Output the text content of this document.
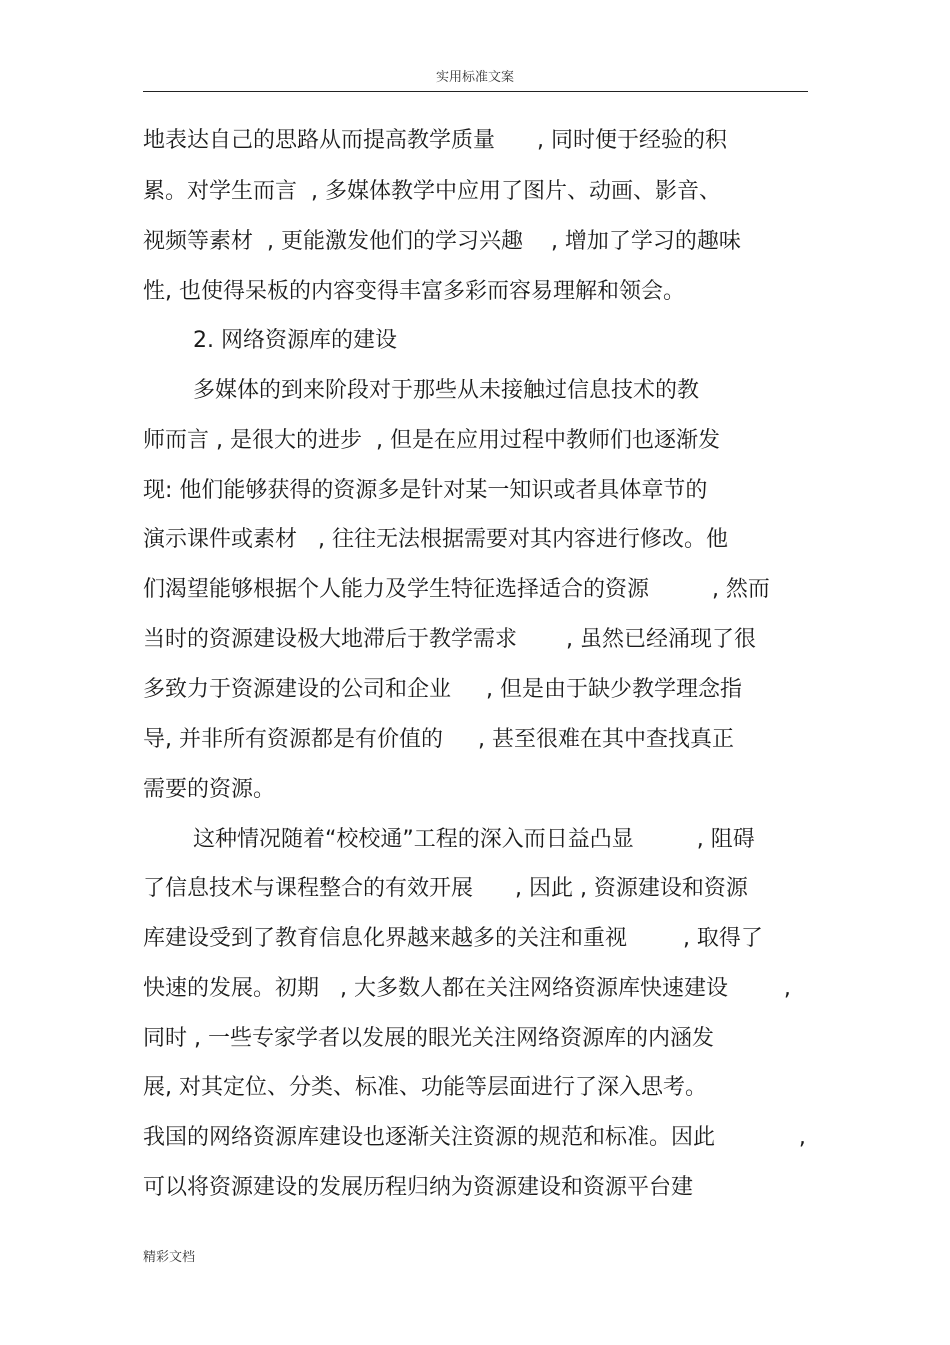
实用标准文案
地表达自己的思路从而提高教学质量      , 同时便于经验的积
累。对学生而言  , 多媒体教学中应用了图片、动画、影音、
视频等素材  , 更能激发他们的学习兴趣    , 增加了学习的趣味
性, 也使得呆板的内容变得丰富多彩而容易理解和领会。
2. 网络资源库的建设
多媒体的到来阶段对于那些从未接触过信息技术的教
师而言 , 是很大的进步  , 但是在应用过程中教师们也逐渐发
现: 他们能够获得的资源多是针对某一知识或者具体章节的
演示课件或素材   , 往往无法根据需要对其内容进行修改。他
们渴望能够根据个人能力及学生特征选择适合的资源         , 然而
当时的资源建设极大地滞后于教学需求       , 虽然已经涌现了很
多致力于资源建设的公司和企业     , 但是由于缺少教学理念指
导, 并非所有资源都是有价值的     , 甚至很难在其中查找真正
需要的资源。
这种情况随着“校校通”工程的深入而日益凸显         , 阻碍
了信息技术与课程整合的有效开展      , 因此 , 资源建设和资源
库建设受到了教育信息化界越来越多的关注和重视        , 取得了
快速的发展。初期   , 大多数人都在关注网络资源库快速建设        ,
同时 , 一些专家学者以发展的眼光关注网络资源库的内涵发
展, 对其定位、分类、标准、功能等层面进行了深入思考。
我国的网络资源库建设也逐渐关注资源的规范和标准。因此            ,
可以将资源建设的发展历程归纳为资源建设和资源平台建
精彩文档
